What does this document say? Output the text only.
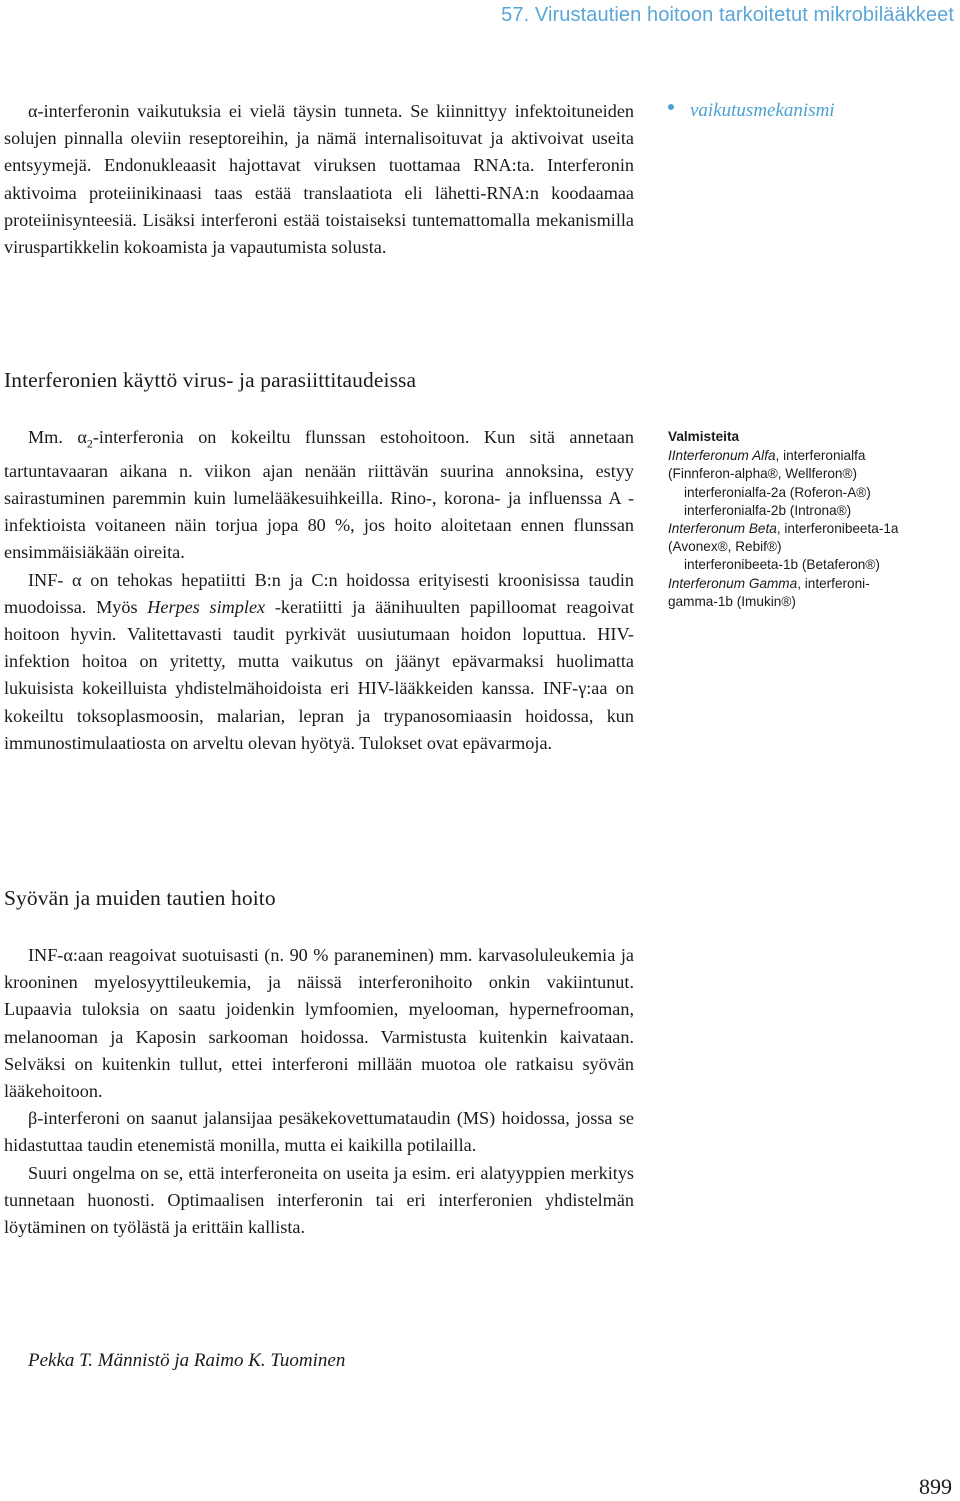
57. Virustautien hoitoon tarkoitetut mikrobilääkkeet

α-interferonin vaikutuksia ei vielä täysin tunneta. Se kiinnittyy infektoituneiden solujen pinnalla oleviin reseptoreihin, ja nämä internalisoituvat ja aktivoivat useita entsyymejä. Endonukleaasit hajottavat viruksen tuottamaa RNA:ta. Interferonin aktivoima proteiinikinaasi taas estää translaatiota eli lähetti-RNA:n koodaamaa proteiinisynteesiä. Lisäksi interferoni estää toistaiseksi tuntemattomalla mekanismilla viruspartikkelin kokoamista ja vapautumista solusta.

vaikutusmekanismi
Interferonien käyttö virus- ja parasiittitaudeissa

Mm. $\alpha_2$-interferonia on kokeiltu flunssan estohoitoon. Kun sitä annetaan tartuntavaaran aikana n. viikon ajan nenään riittävän suurina annoksina, estyy sairastuminen paremmin kuin lumelääkesuihkeilla. Rino-, korona- ja influenssa A -infektioista voitaneen näin torjua jopa 80 %, jos hoito aloitetaan ennen flunssan ensimmäisiäkään oireita.

INF- α on tehokas hepatiitti B:n ja C:n hoidossa erityisesti kroonisissa taudin muodoissa. Myös Herpes simplex -keratiitti ja äänihuulten papilloomat reagoivat hoitoon hyvin. Valitettavasti taudit pyrkivät uusiutumaan hoidon loputtua. HIV-infektion hoitoa on yritetty, mutta vaikutus on jäänyt epävarmaksi huolimatta lukuisista kokeilluista yhdistelmähoidoista eri HIV-lääkkeiden kanssa. INF-γ:aa on kokeiltu toksoplasmoosin, malarian, lepran ja trypanosomiaasin hoidossa, kun immunostimulaatiosta on arveltu olevan hyötyä. Tulokset ovat epävarmoja.

Valmisteita
IInterferonum Alfa, interferonialfa
(Finnferon-alpha®, Wellferon®)
interferonialfa-2a (Roferon-A®)
interferonialfa-2b (Introna®)
Interferonum Beta, interferonibeeta-1a
(Avonex®, Rebif®)
interferonibeeta-1b (Betaferon®)
Interferonum Gamma, interferoni-
gamma-1b (Imukin®)
Syövän ja muiden tautien hoito

INF-α:aan reagoivat suotuisasti (n. 90 % paraneminen) mm. karvasoluleukemia ja krooninen myelosyyttileukemia, ja näissä interferonihoito onkin vakiintunut. Lupaavia tuloksia on saatu joidenkin lymfoomien, myelooman, hypernefrooman, melanooman ja Kaposin sarkooman hoidossa. Varmistusta kuitenkin kaivataan. Selväksi on kuitenkin tullut, ettei interferoni millään muotoa ole ratkaisu syövän lääkehoitoon.

β-interferoni on saanut jalansijaa pesäkekovettumataudin (MS) hoidossa, jossa se hidastuttaa taudin etenemistä monilla, mutta ei kaikilla potilailla.

Suuri ongelma on se, että interferoneita on useita ja esim. eri alatyyppien merkitys tunnetaan huonosti. Optimaalisen interferonin tai eri interferonien yhdistelmän löytäminen on työlästä ja erittäin kallista.

Pekka T. Männistö ja Raimo K. Tuominen
899
